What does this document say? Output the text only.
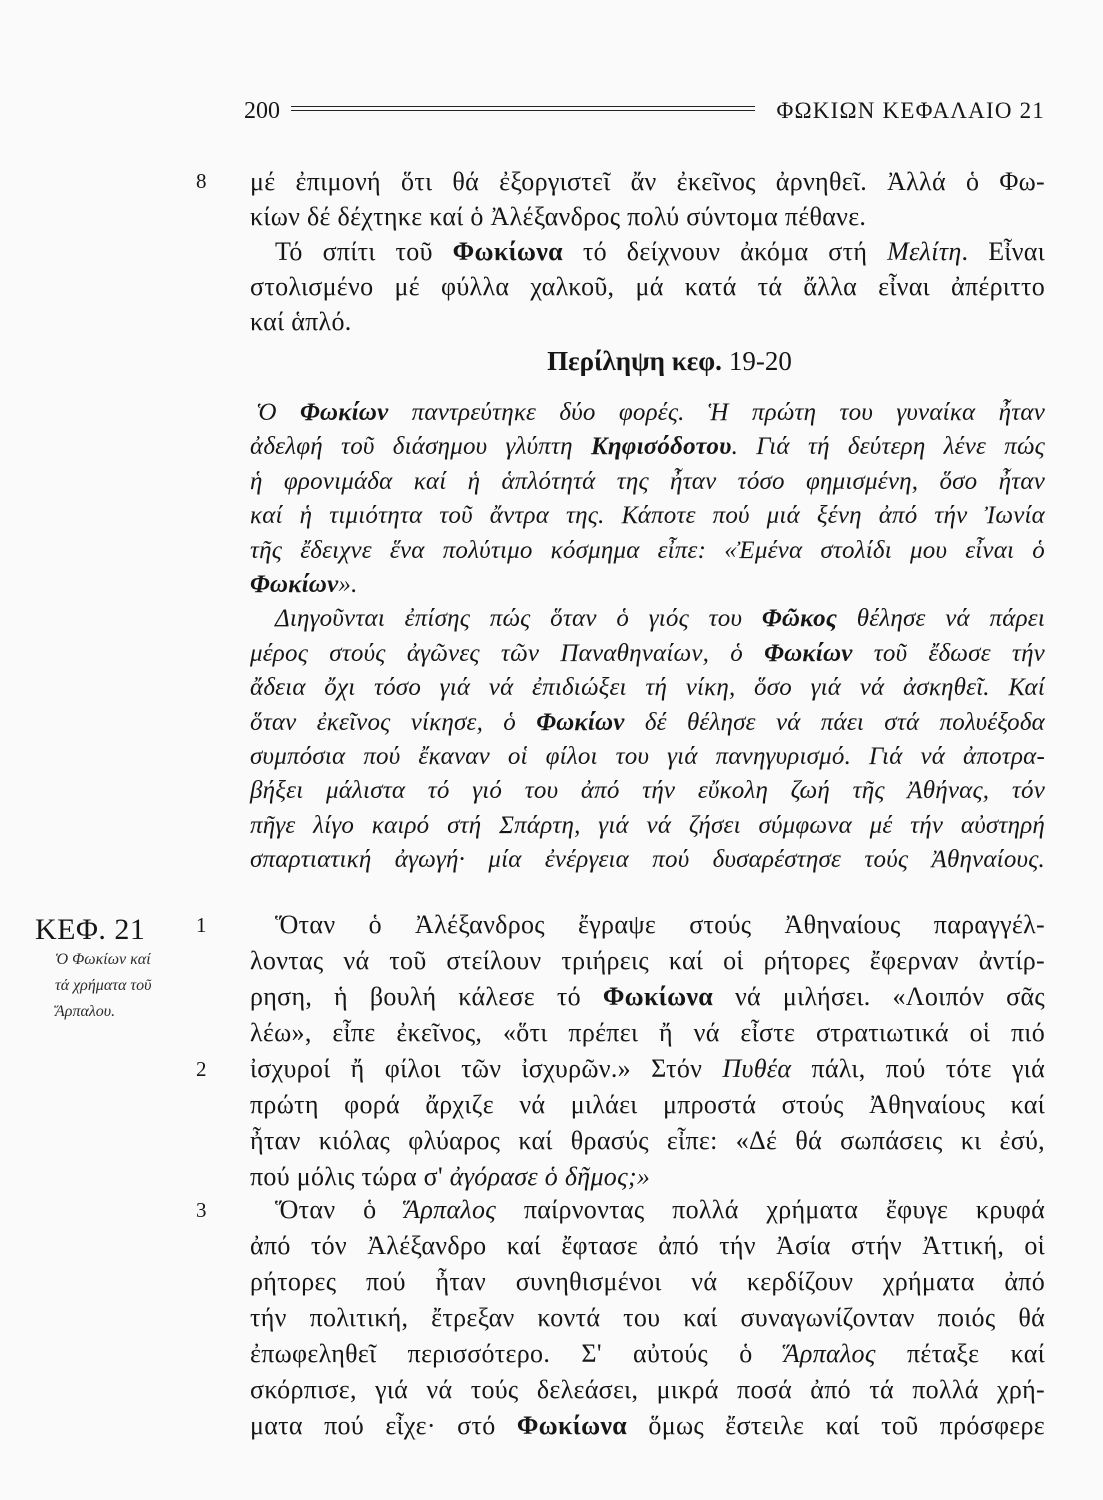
200	ΦΩΚΙΩΝ ΚΕΦΑΛΑΙΟ 21
8 μέ ἐπιμονή ὅτι θά ἐξοργιστεῖ ἄν ἐκεῖνος ἀρνηθεῖ. Ἀλλά ὁ Φω-
κίων δέ δέχτηκε καί ὁ Ἀλέξανδρος πολύ σύντομα πέθανε.
Τό σπίτι τοῦ Φωκίωνα τό δείχνουν ἀκόμα στή Μελίτη. Εἶναι
στολισμένο μέ φύλλα χαλκοῦ, μά κατά τά ἄλλα εἶναι ἀπέριττο
καί ἁπλό.
Περίληψη κεφ. 19-20
Ὁ Φωκίων παντρεύτηκε δύο φορές. Ἡ πρώτη του γυναίκα ἦταν
ἀδελφή τοῦ διάσημου γλύπτη Κηφισόδοτου. Γιά τή δεύτερη λένε πώς
ἡ φρονιμάδα καί ἡ ἁπλότητά της ἦταν τόσο φημισμένη, ὅσο ἦταν
καί ἡ τιμιότητα τοῦ ἄντρα της. Κάποτε πού μιά ξένη ἀπό τήν Ἰωνία
τῆς ἔδειχνε ἕνα πολύτιμο κόσμημα εἶπε: «Ἐμένα στολίδι μου εἶναι ὁ
Φωκίων».
Διηγοῦνται ἐπίσης πώς ὅταν ὁ γιός του Φῶκος θέλησε νά πάρει
μέρος στούς ἀγῶνες τῶν Παναθηναίων, ὁ Φωκίων τοῦ ἔδωσε τήν
ἄδεια ὄχι τόσο γιά νά ἐπιδιώξει τή νίκη, ὅσο γιά νά ἀσκηθεῖ. Καί
ὅταν ἐκεῖνος νίκησε, ὁ Φωκίων δέ θέλησε νά πάει στά πολυέξοδα
συμπόσια πού ἔκαναν οἱ φίλοι του γιά πανηγυρισμό. Γιά νά ἀποτρα-
βήξει μάλιστα τό γιό του ἀπό τήν εὔκολη ζωή τῆς Ἀθήνας, τόν
πῆγε λίγο καιρό στή Σπάρτη, γιά νά ζήσει σύμφωνα μέ τήν αὐστηρή
σπαρτιατική ἀγωγή· μία ἐνέργεια πού δυσαρέστησε τούς Ἀθηναίους.
ΚΕΦ. 21
Ὁ Φωκίων καί
τά χρήματα τοῦ
Ἅρπαλου.
1	Ὅταν ὁ Ἀλέξανδρος ἔγραψε στούς Ἀθηναίους παραγγέλ-
λοντας νά τοῦ στείλουν τριήρεις καί οἱ ρήτορες ἔφερναν ἀντίρ-
ρηση, ἡ βουλή κάλεσε τό Φωκίωνα νά μιλήσει. «Λοιπόν σᾶς
λέω», εἶπε ἐκεῖνος, «ὅτι πρέπει ἤ νά εἶστε στρατιωτικά οἱ πιό
2 ἰσχυροί ἤ φίλοι τῶν ἰσχυρῶν.» Στόν Πυθέα πάλι, πού τότε γιά
πρώτη φορά ἄρχιζε νά μιλάει μπροστά στούς Ἀθηναίους καί
ἦταν κιόλας φλύαρος καί θρασύς εἶπε: «Δέ θά σωπάσεις κι ἐσύ,
πού μόλις τώρα σ' ἀγόρασε ὁ δῆμος;»
3	Ὅταν ὁ Ἅρπαλος παίρνοντας πολλά χρήματα ἔφυγε κρυφά
ἀπό τόν Ἀλέξανδρο καί ἔφτασε ἀπό τήν Ἀσία στήν Ἀττική, οἱ
ρήτορες πού ἦταν συνηθισμένοι νά κερδίζουν χρήματα ἀπό
τήν πολιτική, ἔτρεξαν κοντά του καί συναγωνίζονταν ποιός θά
ἐπωφεληθεῖ περισσότερο. Σ' αὐτούς ὁ Ἅρπαλος πέταξε καί
σκόρπισε, γιά νά τούς δελεάσει, μικρά ποσά ἀπό τά πολλά χρή-
ματα πού εἶχε· στό Φωκίωνα ὅμως ἔστειλε καί τοῦ πρόσφερε
